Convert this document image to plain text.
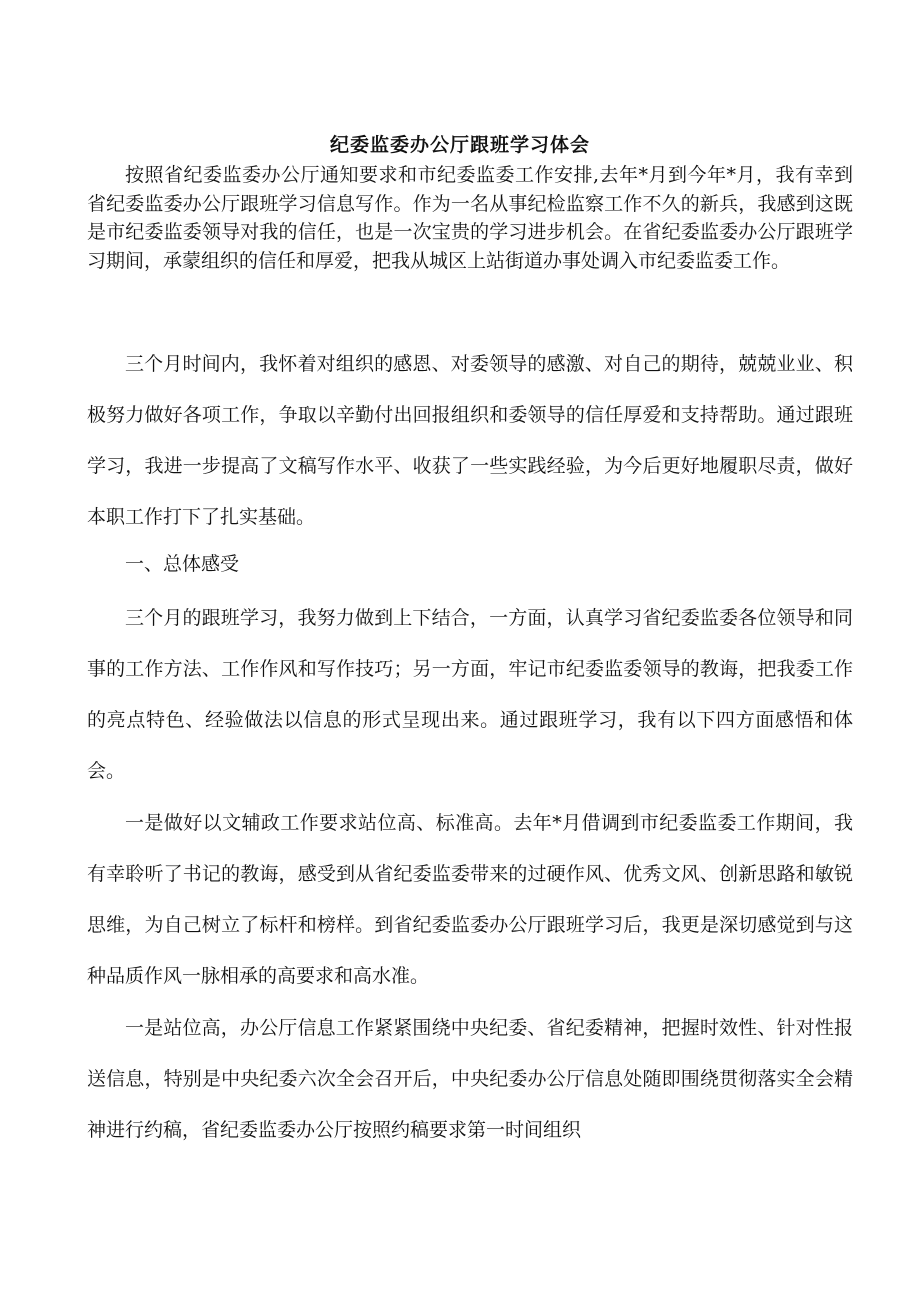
纪委监委办公厅跟班学习体会

按照省纪委监委办公厅通知要求和市纪委监委工作安排,去年*月到今年*月，我有幸到省纪委监委办公厅跟班学习信息写作。作为一名从事纪检监察工作不久的新兵，我感到这既是市纪委监委领导对我的信任，也是一次宝贵的学习进步机会。在省纪委监委办公厅跟班学习期间，承蒙组织的信任和厚爱，把我从城区上站街道办事处调入市纪委监委工作。

三个月时间内，我怀着对组织的感恩、对委领导的感激、对自己的期待，兢兢业业、积极努力做好各项工作，争取以辛勤付出回报组织和委领导的信任厚爱和支持帮助。通过跟班学习，我进一步提高了文稿写作水平、收获了一些实践经验，为今后更好地履职尽责，做好本职工作打下了扎实基础。

一、总体感受

三个月的跟班学习，我努力做到上下结合，一方面，认真学习省纪委监委各位领导和同事的工作方法、工作作风和写作技巧；另一方面，牢记市纪委监委领导的教诲，把我委工作的亮点特色、经验做法以信息的形式呈现出来。通过跟班学习，我有以下四方面感悟和体会。

一是做好以文辅政工作要求站位高、标准高。去年*月借调到市纪委监委工作期间，我有幸聆听了书记的教诲，感受到从省纪委监委带来的过硬作风、优秀文风、创新思路和敏锐思维，为自己树立了标杆和榜样。到省纪委监委办公厅跟班学习后，我更是深切感觉到与这种品质作风一脉相承的高要求和高水准。

一是站位高，办公厅信息工作紧紧围绕中央纪委、省纪委精神，把握时效性、针对性报送信息，特别是中央纪委六次全会召开后，中央纪委办公厅信息处随即围绕贯彻落实全会精神进行约稿，省纪委监委办公厅按照约稿要求第一时间组织
